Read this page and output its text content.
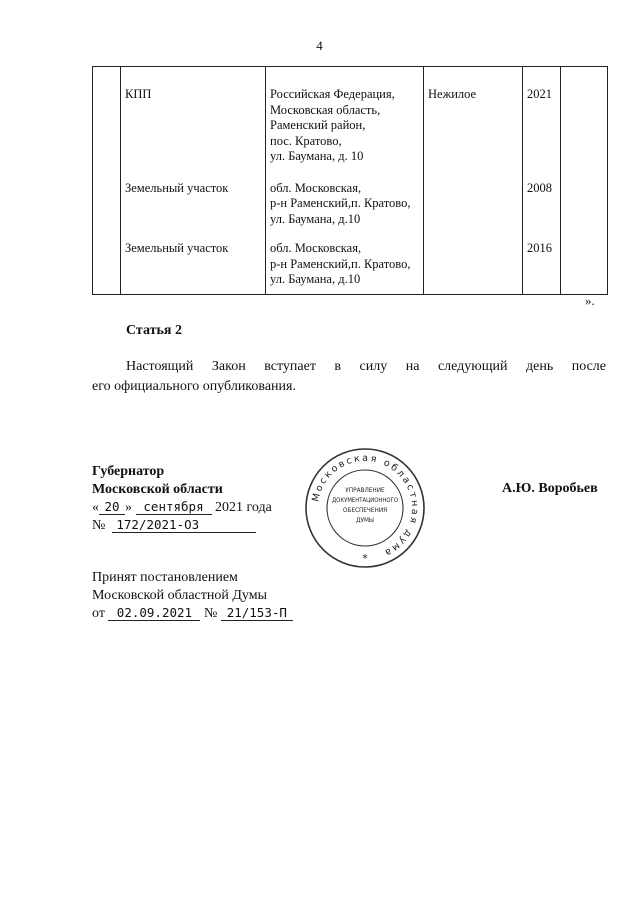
4
	КПП	Российская Федерация,
Московская область,
Раменский район,
пос. Кратово,
ул. Баумана, д. 10	Нежилое	2021	
	Земельный участок	обл. Московская,
р-н Раменский,п. Кратово,
ул. Баумана, д.10		2008	
	Земельный участок	обл. Московская,
р-н Раменский,п. Кратово,
ул. Баумана, д.10		2016	
».
Статья 2
Настоящий Закон вступает в силу на следующий день после
его официального опубликования.
Губернатор
Московской области	А.Ю. Воробьев
« 20 » сентября 2021 года
№ 172/2021-ОЗ
Московская областная дума
УПРАВЛЕНИЕ
ДОКУМЕНТАЦИОННОГО
ОБЕСПЕЧЕНИЯ
ДУМЫ
*
Принят постановлением
Московской областной Думы
от 02.09.2021 № 21/153-П
